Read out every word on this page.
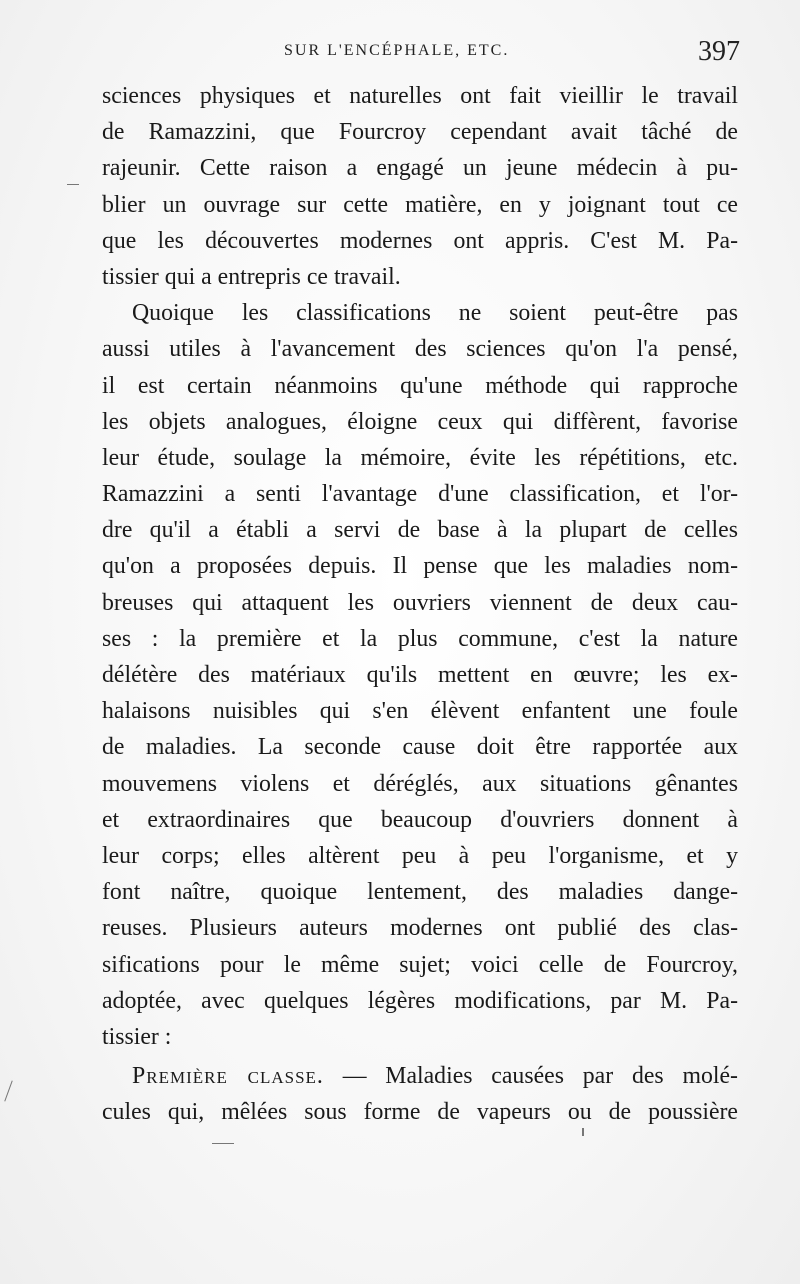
SUR L'ENCÉPHALE, ETC.	397
sciences physiques et naturelles ont fait vieillir le travail
de Ramazzini, que Fourcroy cependant avait tâché de
rajeunir. Cette raison a engagé un jeune médecin à pu-
blier un ouvrage sur cette matière, en y joignant tout ce
que les découvertes modernes ont appris. C'est M. Pa-
tissier qui a entrepris ce travail.
Quoique les classifications ne soient peut-être pas
aussi utiles à l'avancement des sciences qu'on l'a pensé,
il est certain néanmoins qu'une méthode qui rapproche
les objets analogues, éloigne ceux qui diffèrent, favorise
leur étude, soulage la mémoire, évite les répétitions, etc.
Ramazzini a senti l'avantage d'une classification, et l'or-
dre qu'il a établi a servi de base à la plupart de celles
qu'on a proposées depuis. Il pense que les maladies nom-
breuses qui attaquent les ouvriers viennent de deux cau-
ses : la première et la plus commune, c'est la nature
délétère des matériaux qu'ils mettent en œuvre; les ex-
halaisons nuisibles qui s'en élèvent enfantent une foule
de maladies. La seconde cause doit être rapportée aux
mouvemens violens et déréglés, aux situations gênantes
et extraordinaires que beaucoup d'ouvriers donnent à
leur corps; elles altèrent peu à peu l'organisme, et y
font naître, quoique lentement, des maladies dange-
reuses. Plusieurs auteurs modernes ont publié des clas-
sifications pour le même sujet; voici celle de Fourcroy,
adoptée, avec quelques légères modifications, par M. Pa-
tissier :
Première classe. — Maladies causées par des molé-
cules qui, mêlées sous forme de vapeurs ou de poussière
